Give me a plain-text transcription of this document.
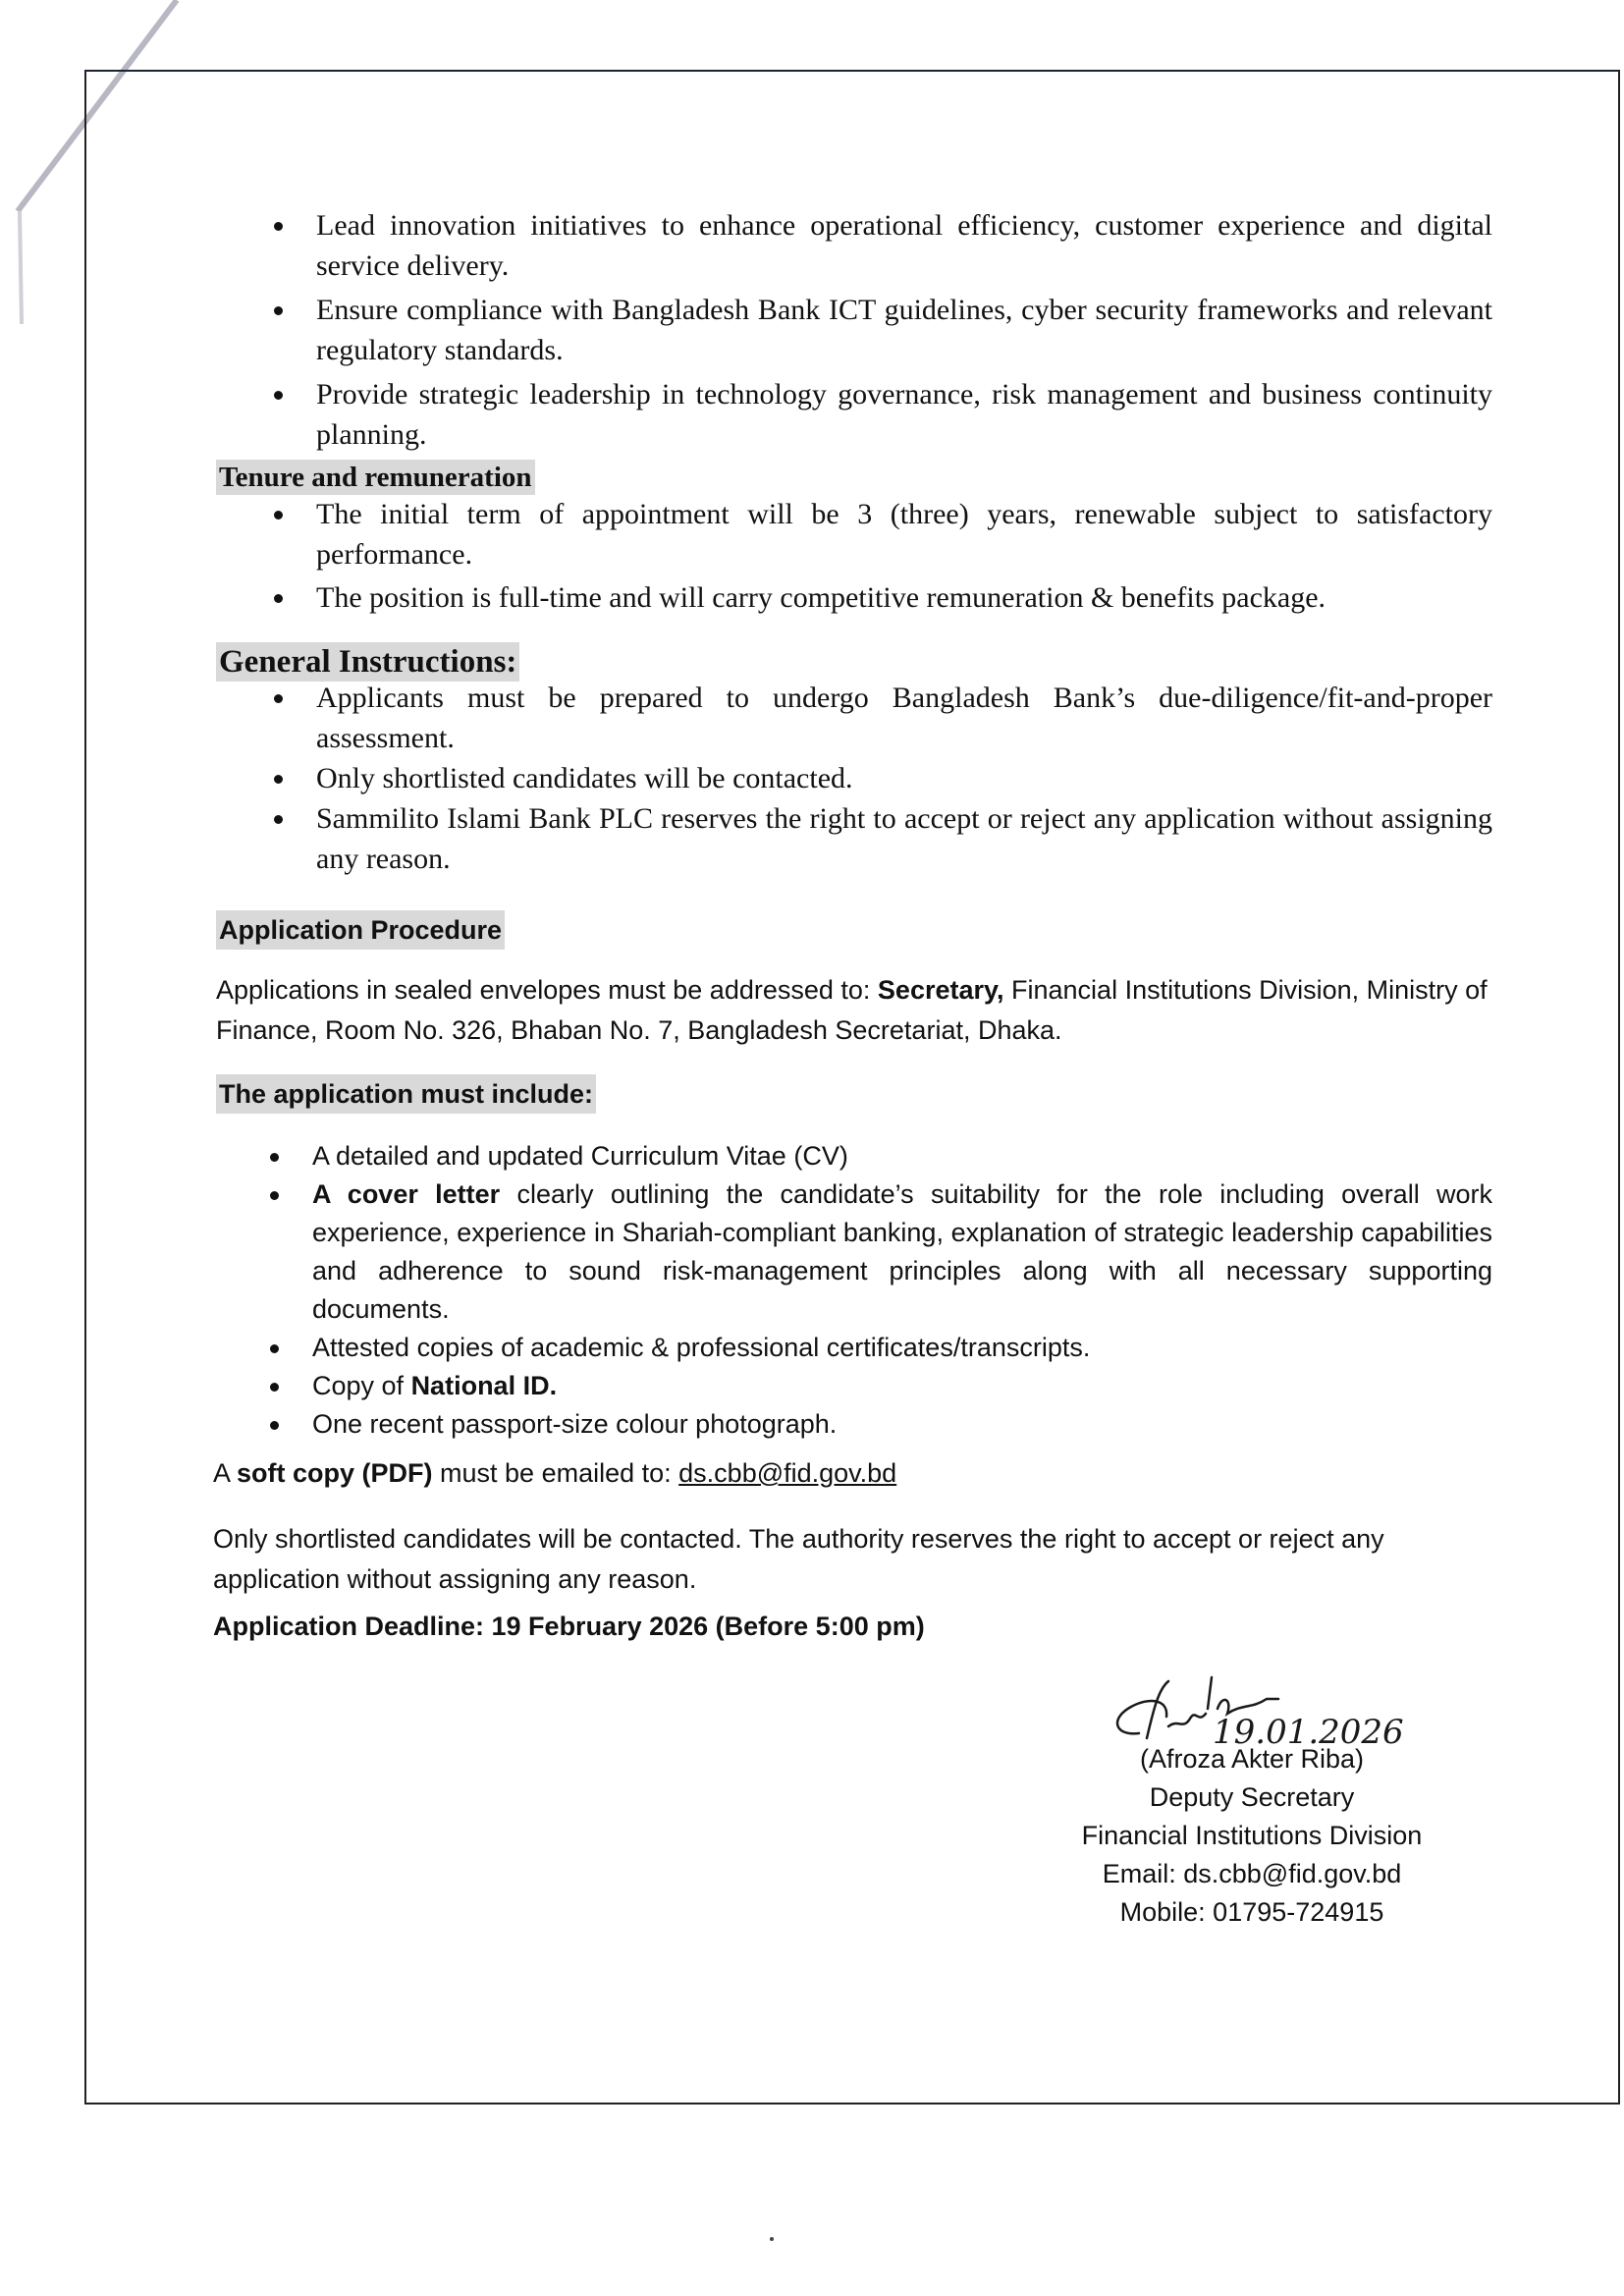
Lead innovation initiatives to enhance operational efficiency, customer experience and digital service delivery.
Ensure compliance with Bangladesh Bank ICT guidelines, cyber security frameworks and relevant regulatory standards.
Provide strategic leadership in technology governance, risk management and business continuity planning.
Tenure and remuneration
The initial term of appointment will be 3 (three) years, renewable subject to satisfactory performance.
The position is full-time and will carry competitive remuneration & benefits package.
General Instructions:
Applicants must be prepared to undergo Bangladesh Bank’s due-diligence/fit-and-proper assessment.
Only shortlisted candidates will be contacted.
Sammilito Islami Bank PLC reserves the right to accept or reject any application without assigning any reason.
Application Procedure
Applications in sealed envelopes must be addressed to: Secretary, Financial Institutions Division, Ministry of Finance, Room No. 326, Bhaban No. 7, Bangladesh Secretariat, Dhaka.
The application must include:
A detailed and updated Curriculum Vitae (CV)
A cover letter clearly outlining the candidate’s suitability for the role including overall work experience, experience in Shariah-compliant banking, explanation of strategic leadership capabilities and adherence to sound risk-management principles along with all necessary supporting documents.
Attested copies of academic & professional certificates/transcripts.
Copy of National ID.
One recent passport-size colour photograph.
A soft copy (PDF) must be emailed to: ds.cbb@fid.gov.bd
Only shortlisted candidates will be contacted. The authority reserves the right to accept or reject any application without assigning any reason.
Application Deadline: 19 February 2026 (Before 5:00 pm)
19.01.2026
(Afroza Akter Riba)
Deputy Secretary
Financial Institutions Division
Email: ds.cbb@fid.gov.bd
Mobile: 01795-724915
